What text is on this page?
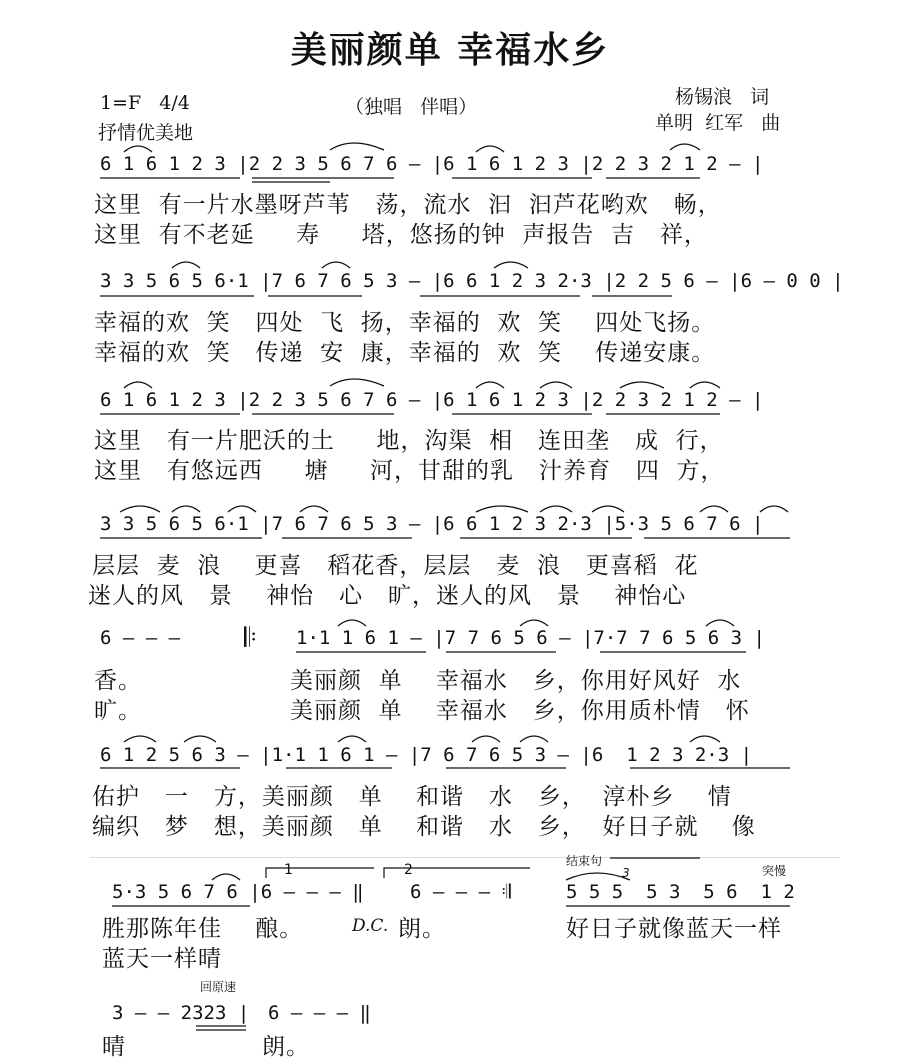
美丽颜单 幸福水乡
1=F   4/4
抒情优美地
（独唱   伴唱）	杨锡浪   词
单明  红军   曲
6 1 6 1 2 3 |2 2 3 5 6 7 6 — |6 1 6 1 2 3 |2 2 3 2 1 2 — |
这里  有一片水墨呀芦苇   荡，流水  汩  汩芦花哟欢   畅，
这里  有不老延     寿     塔，悠扬的钟  声报告  吉   祥，
3 3 5 6 5 6·1 |7 6 7 6 5 3 — |6 6 1 2 3 2·3 |2 2 5 6 — |6 — 0 0 |
幸福的欢  笑   四处  飞  扬，幸福的  欢  笑    四处飞扬。
幸福的欢  笑   传递  安  康，幸福的  欢  笑    传递安康。
6 1 6 1 2 3 |2 2 3 5 6 7 6 — |6 1 6 1 2 3 |2 2 3 2 1 2 — |
这里   有一片肥沃的土     地，沟渠  相   连田垄   成  行，
这里   有悠远西     塘     河，甘甜的乳   汁养育   四  方，
3 3 5 6 5 6·1 |7 6 7 6 5 3 — |6 6 1 2 3 2·3 |5·3 5 6 7 6 |
层层  麦  浪    更喜   稻花香，层层   麦  浪   更喜稻  花
迷人的风   景    神怡   心   旷，迷人的风   景    神怡心
6 — — — 𝄆 1·1 1 6 1 — |7 7 6 5 6 — |7·7 7 6 5 6 3 |
香。
旷。
美丽颜  单    幸福水   乡，你用好风好  水
美丽颜  单    幸福水   乡，你用质朴情   怀
6 1 2 5 6 3 — |1·1 1 6 1 — |7 6 7 6 5 3 — |6  1 2 3 2·3 |
佑护   一   方，美丽颜   单    和谐   水   乡，  淳朴乡    情
编织   梦   想，美丽颜   单    和谐   水   乡，  好日子就    像
1	2
结束句
3	突慢
5·3 5 6 7 6 |6 — — — ‖ 6 — — — 𝄇	5 5 5  5 3  5 6  1 2
胜那陈年佳    酿。	D.C. 朗。	好日子就像蓝天一样
蓝天一样晴
回原速
3 — — 2323 | 6 — — — ‖
晴	朗。
